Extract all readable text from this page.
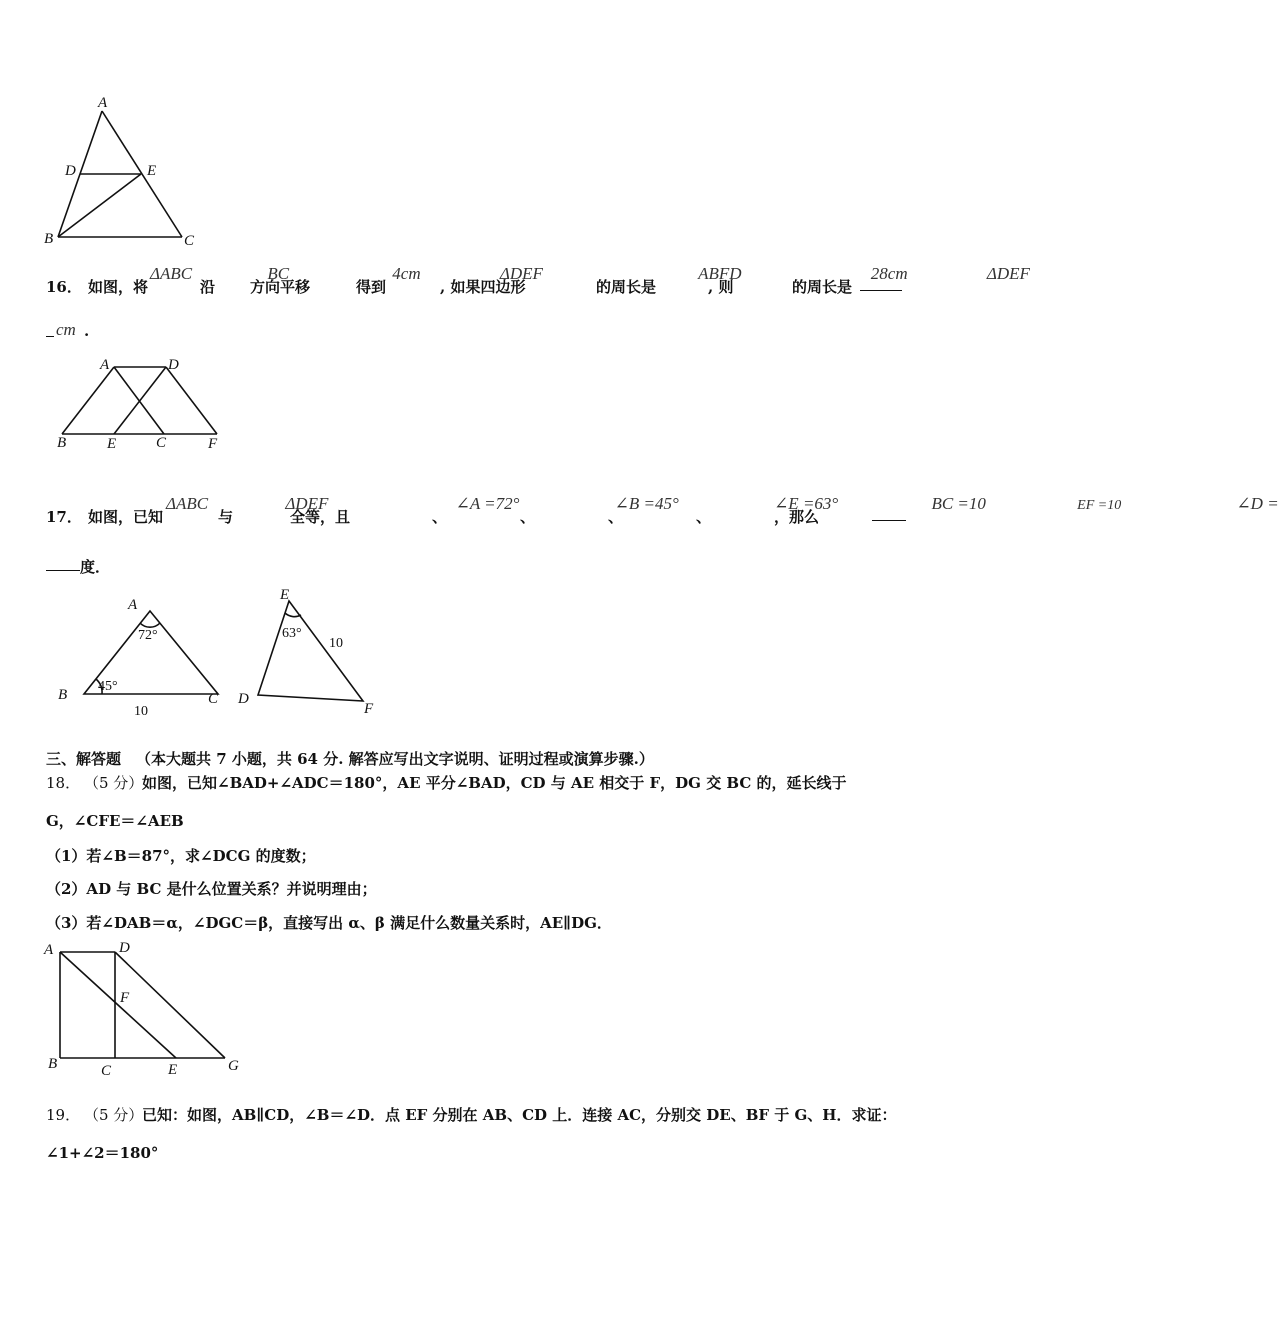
A
D	E
B	C
16． 如图，将
ΔABC
沿
BC
方向平移
4cm
得到
ΔDEF
, 如果四边形
ABFD
的周长是
28cm
, 则
ΔDEF
的周长是
cm .
A	D
B	E	C	F
17． 如图，已知
ΔABC
与
ΔDEF
全等，且
∠A =72°
、
∠B =45°
、
∠E =63°
、
BC =10
、
EF =10
，那么
∠D =
度．
A
B	C
72°
45°
10
E
D
F
63°
10
三、解答题 （本大题共 7 小题，共 64 分. 解答应写出文字说明、证明过程或演算步骤.）
18． （5 分）
如图，已知∠BAD+∠ADC＝180°，AE 平分∠BAD，CD 与 AE 相交于 F，DG 交 BC 的，延长线于
G，∠CFE＝∠AEB
（1）若∠B＝87°，求∠DCG 的度数；
（2）AD 与 BC 是什么位置关系？并说明理由；
（3）若∠DAB＝α，∠DGC＝β，直接写出 α、β 满足什么数量关系时，AE∥DG．
A	D
F
B	C	E	G
19． （5 分）
已知：如图，AB∥CD，∠B＝∠D．点 EF 分别在 AB、CD 上．连接 AC，分别交 DE、BF 于 G、H．求证：
∠1+∠2＝180°
